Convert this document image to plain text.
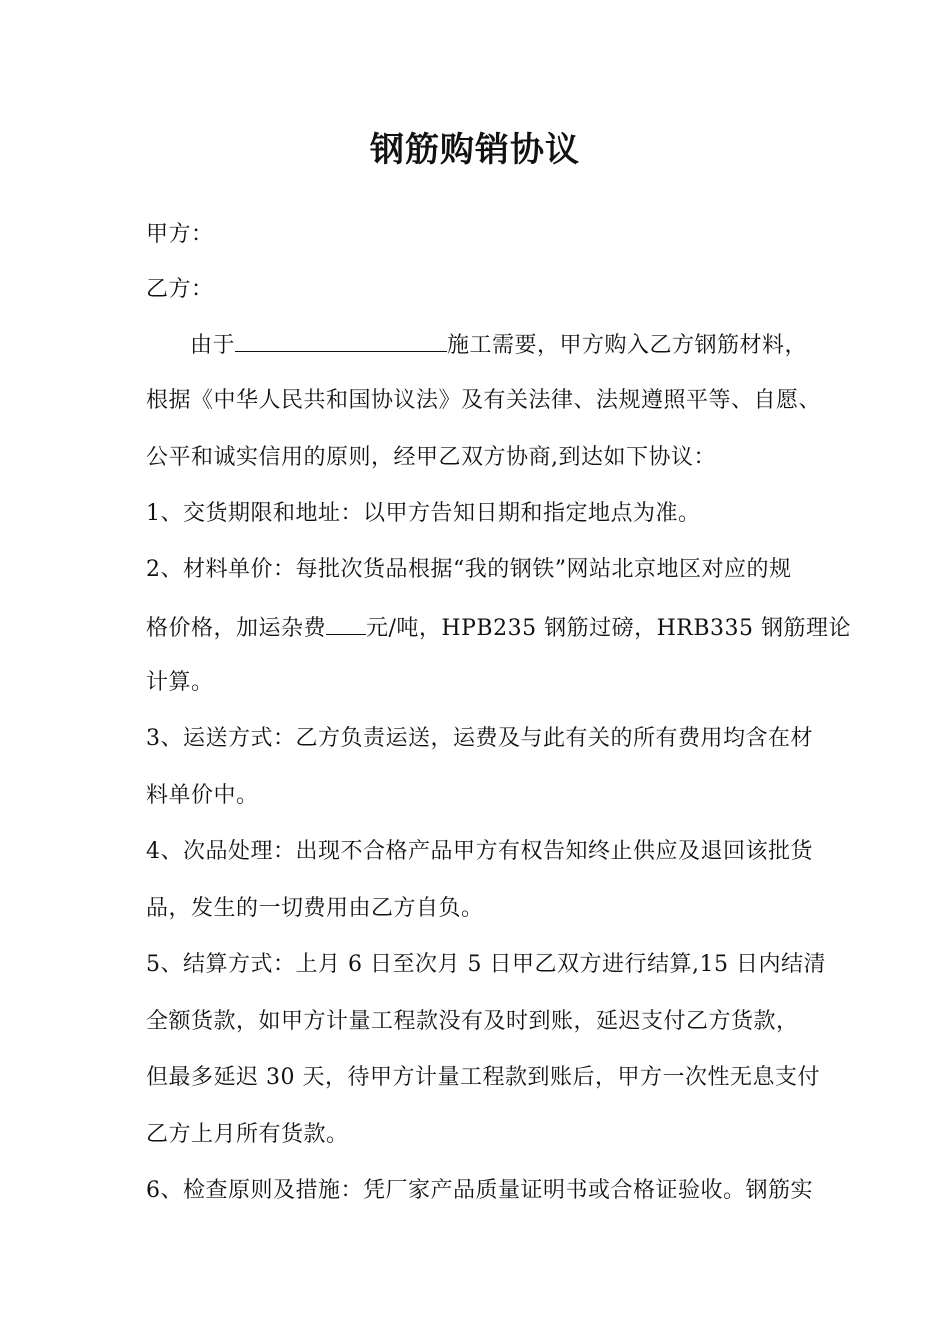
钢筋购销协议
甲方：
乙方：
由于	施工需要，甲方购入乙方钢筋材料，
根据《中华人民共和国协议法》及有关法律、法规遵照平等、自愿、
公平和诚实信用的原则，经甲乙双方协商,到达如下协议：
1、交货期限和地址：以甲方告知日期和指定地点为准。
2、材料单价：每批次货品根据“我的钢铁”网站北京地区对应的规
格价格，加运杂费 元/吨，HPB235 钢筋过磅，HRB335 钢筋理论
计算。
3、运送方式：乙方负责运送，运费及与此有关的所有费用均含在材
料单价中。
4、次品处理：出现不合格产品甲方有权告知终止供应及退回该批货
品，发生的一切费用由乙方自负。
5、结算方式：上月 6 日至次月 5 日甲乙双方进行结算,15 日内结清
全额货款，如甲方计量工程款没有及时到账，延迟支付乙方货款，
但最多延迟 30 天，待甲方计量工程款到账后，甲方一次性无息支付
乙方上月所有货款。
6、检查原则及措施：凭厂家产品质量证明书或合格证验收。钢筋实
